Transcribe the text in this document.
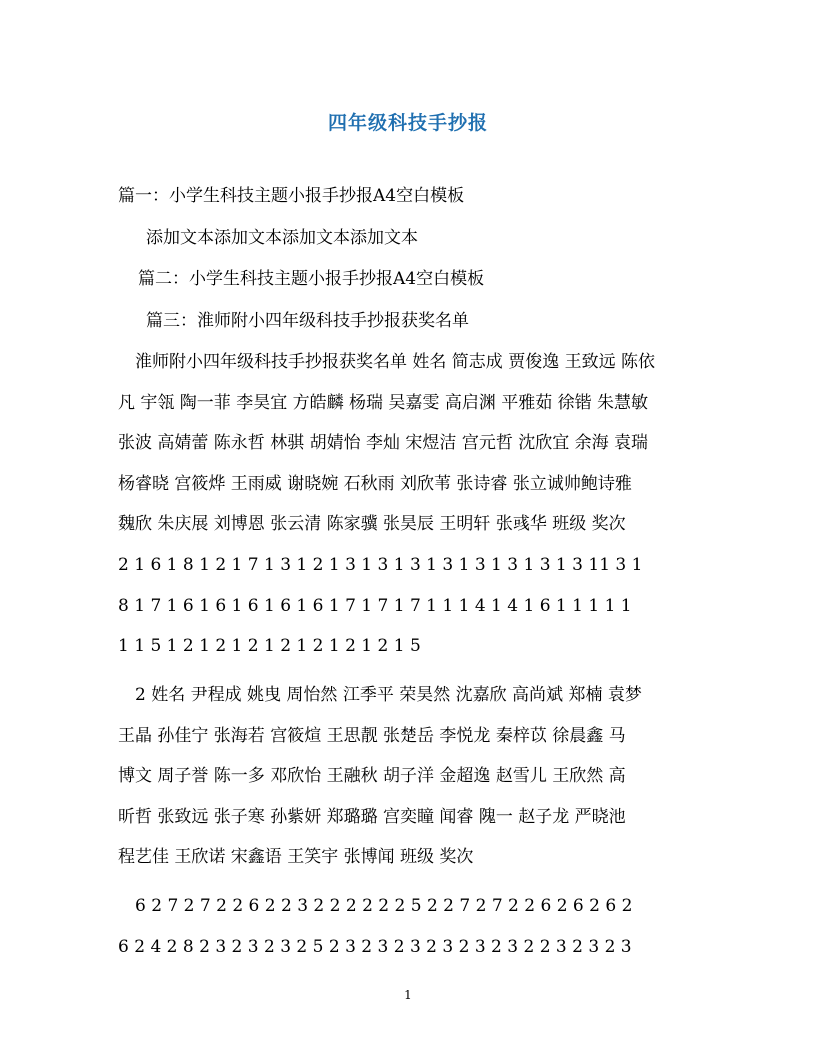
四年级科技手抄报
篇一：小学生科技主题小报手抄报A4空白模板
添加文本添加文本添加文本添加文本
篇二：小学生科技主题小报手抄报A4空白模板
篇三：淮师附小四年级科技手抄报获奖名单
　淮师附小四年级科技手抄报获奖名单 姓名 简志成 贾俊逸 王致远 陈依
凡 宇瓴 陶一菲 李昊宜 方皓麟 杨瑞 吴嘉雯 高启渊 平雅茹 徐锴 朱慧敏
张波 高婧蕾 陈永哲 林骐 胡婧怡 李灿 宋煜洁 宫元哲 沈欣宜 余海 袁瑞
杨睿晓 宫筱烨 王雨威 谢晓婉 石秋雨 刘欣苇 张诗睿 张立诚帅鲍诗雅
魏欣 朱庆展 刘博恩 张云清 陈家骥 张昊辰 王明轩 张彧华 班级 奖次
2 1 6 1 8 1 2 1 7 1 3 1 2 1 3 1 3 1 3 1 3 1 3 1 3 1 3 1 3 11 3 1
8 1 7 1 6 1 6 1 6 1 6 1 6 1 7 1 7 1 7 1 1 1 4 1 4 1 6 1 1 1 1 1
1 1 5 1 2 1 2 1 2 1 2 1 2 1 2 1 2 1 5
　2 姓名 尹程成 姚曳 周怡然 江季平 荣昊然 沈嘉欣 高尚斌 郑楠 袁梦
王晶 孙佳宁 张海若 宫筱煊 王思靓 张楚岳 李悦龙 秦梓苡 徐晨鑫 马
博文 周子誉 陈一多 邓欣怡 王融秋 胡子洋 金超逸 赵雪儿 王欣然 高
昕哲 张致远 张子寒 孙紫妍 郑璐璐 宫奕瞳 闻睿 隗一 赵子龙 严晓池
程艺佳 王欣诺 宋鑫语 王笑宇 张博闻 班级 奖次
　6 2 7 2 7 2 2 6 2 2 3 2 2 2 2 2 2 5 2 2 7 2 7 2 2 6 2 6 2 6 2
6 2 4 2 8 2 3 2 3 2 3 2 5 2 3 2 3 2 3 2 3 2 3 2 3 2 2 3 2 3 2 3
1
